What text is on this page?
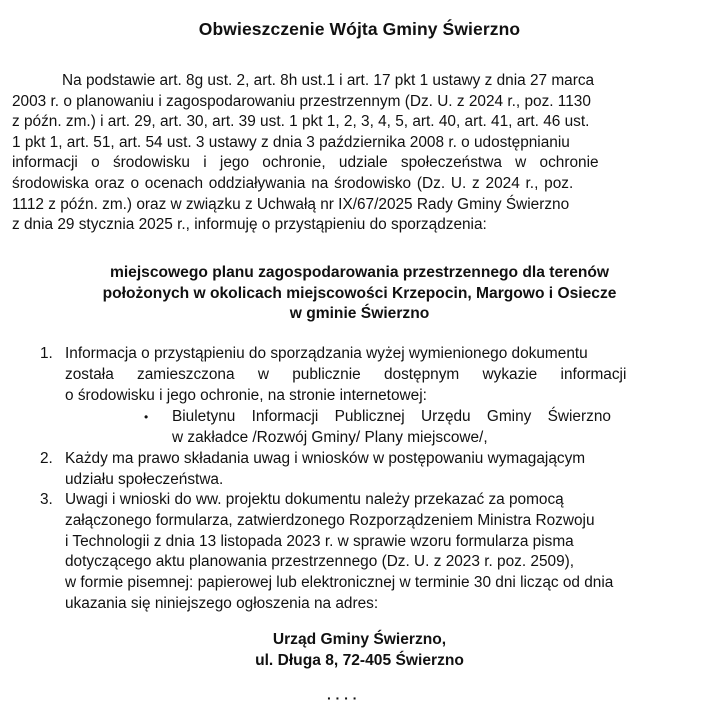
Obwieszczenie Wójta Gminy Świerzno
Na podstawie art. 8g ust. 2, art. 8h ust.1 i art. 17 pkt 1 ustawy z dnia 27 marca
2003 r. o planowaniu i zagospodarowaniu przestrzennym (Dz. U. z 2024 r., poz. 1130
z późn. zm.) i art. 29, art. 30, art. 39 ust. 1 pkt 1, 2, 3, 4, 5, art. 40, art. 41, art. 46 ust.
1 pkt 1, art. 51, art. 54 ust. 3 ustawy z dnia 3 października 2008 r. o udostępnianiu
informacji o środowisku i jego ochronie, udziale społeczeństwa w ochronie
środowiska oraz o ocenach oddziaływania na środowisko (Dz. U. z 2024 r., poz.
1112 z późn. zm.) oraz w związku z Uchwałą nr IX/67/2025 Rady Gminy Świerzno
z dnia 29 stycznia 2025 r., informuję o przystąpieniu do sporządzenia:
miejscowego planu zagospodarowania przestrzennego dla terenów
położonych w okolicach miejscowości Krzepocin, Margowo i Osiecze
w gminie Świerzno
1. Informacja o przystąpieniu do sporządzania wyżej wymienionego dokumentu
została zamieszczona w publicznie dostępnym wykazie informacji
o środowisku i jego ochronie, na stronie internetowej:
• Biuletynu Informacji Publicznej Urzędu Gminy Świerzno
w zakładce /Rozwój Gminy/ Plany miejscowe/,
2. Każdy ma prawo składania uwag i wniosków w postępowaniu wymagającym
udziału społeczeństwa.
3. Uwagi i wnioski do ww. projektu dokumentu należy przekazać za pomocą
załączonego formularza, zatwierdzonego Rozporządzeniem Ministra Rozwoju
i Technologii z dnia 13 listopada 2023 r. w sprawie wzoru formularza pisma
dotyczącego aktu planowania przestrzennego (Dz. U. z 2023 r. poz. 2509),
w formie pisemnej: papierowej lub elektronicznej w terminie 30 dni licząc od dnia
ukazania się niniejszego ogłoszenia na adres:
Urząd Gminy Świerzno,
ul. Długa 8, 72-405 Świerzno
· · · ·
